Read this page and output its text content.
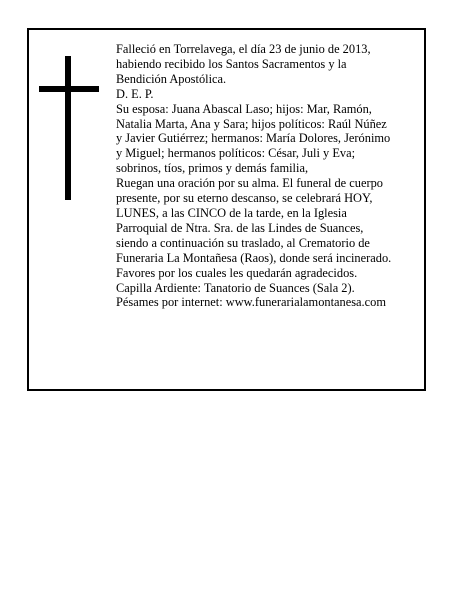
Falleció en Torrelavega, el día 23 de junio de 2013,

habiendo recibido los Santos Sacramentos y la

Bendición Apostólica.

D. E. P.

Su esposa: Juana Abascal Laso; hijos: Mar, Ramón,

Natalia Marta, Ana y Sara; hijos políticos: Raúl Núñez

y Javier Gutiérrez; hermanos: María Dolores, Jerónimo

y Miguel; hermanos políticos: César, Juli y Eva;

sobrinos, tíos, primos y demás familia,

Ruegan una oración por su alma. El funeral de cuerpo

presente, por su eterno descanso, se celebrará HOY,

LUNES, a las CINCO de la tarde, en la Iglesia

Parroquial de Ntra. Sra. de las Lindes de Suances,

siendo a continuación su traslado, al Crematorio de

Funeraria La Montañesa (Raos), donde será incinerado.

Favores por los cuales les quedarán agradecidos.

Capilla Ardiente: Tanatorio de Suances (Sala 2).

Pésames por internet: www.funerarialamontanesa.com
